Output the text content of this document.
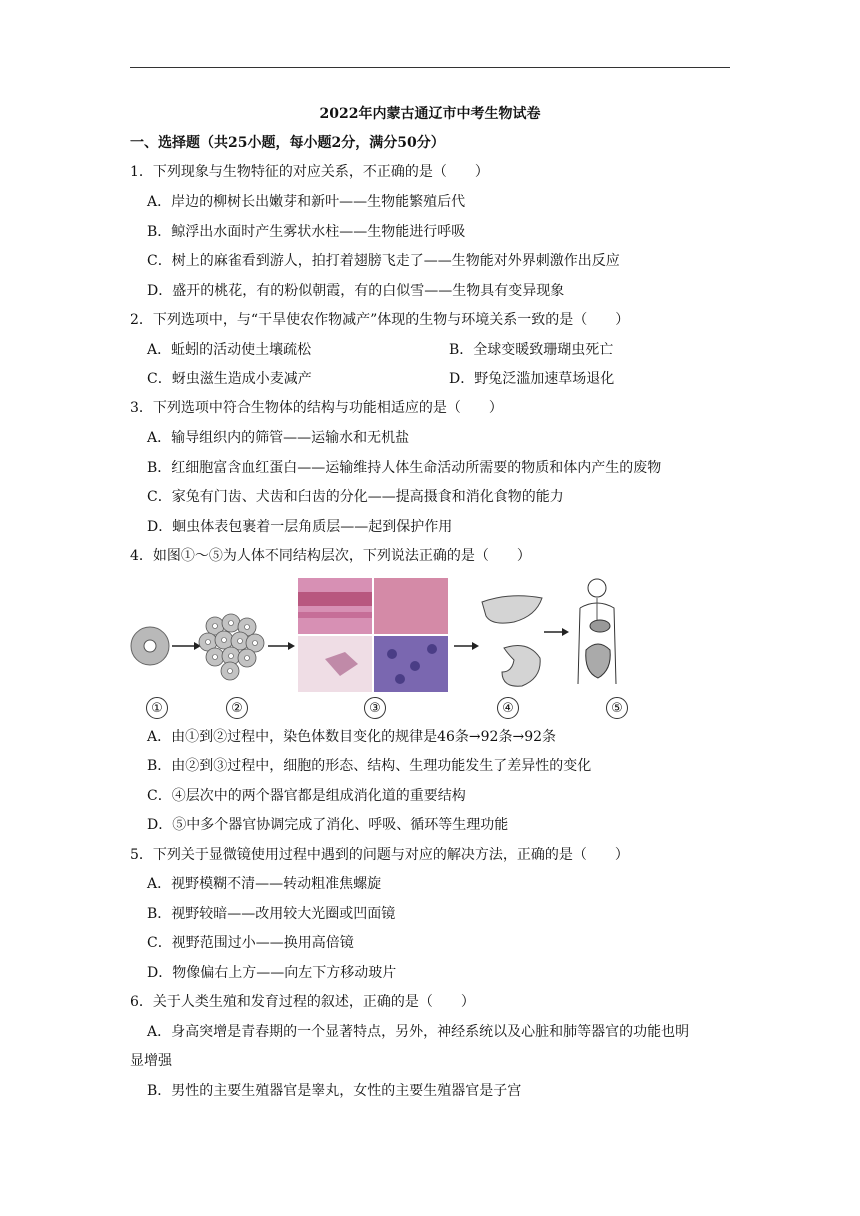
2022年内蒙古通辽市中考生物试卷
一、选择题（共25小题，每小题2分，满分50分）
1．下列现象与生物特征的对应关系，不正确的是（　　）
A．岸边的柳树长出嫩芽和新叶——生物能繁殖后代
B．鲸浮出水面时产生雾状水柱——生物能进行呼吸
C．树上的麻雀看到游人，拍打着翅膀飞走了——生物能对外界刺激作出反应
D．盛开的桃花，有的粉似朝霞，有的白似雪——生物具有变异现象
2．下列选项中，与“干旱使农作物减产”体现的生物与环境关系一致的是（　　）
A．蚯蚓的活动使土壤疏松	B．全球变暖致珊瑚虫死亡
C．蚜虫滋生造成小麦减产	D．野兔泛滥加速草场退化
3．下列选项中符合生物体的结构与功能相适应的是（　　）
A．输导组织内的筛管——运输水和无机盐
B．红细胞富含血红蛋白——运输维持人体生命活动所需要的物质和体内产生的废物
C．家兔有门齿、犬齿和臼齿的分化——提高摄食和消化食物的能力
D．蛔虫体表包裹着一层角质层——起到保护作用
4．如图①～⑤为人体不同结构层次，下列说法正确的是（　　）
①	②	③	④	⑤
A．由①到②过程中，染色体数目变化的规律是46条→92条→92条
B．由②到③过程中，细胞的形态、结构、生理功能发生了差异性的变化
C．④层次中的两个器官都是组成消化道的重要结构
D．⑤中多个器官协调完成了消化、呼吸、循环等生理功能
5．下列关于显微镜使用过程中遇到的问题与对应的解决方法，正确的是（　　）
A．视野模糊不清——转动粗准焦螺旋
B．视野较暗——改用较大光圈或凹面镜
C．视野范围过小——换用高倍镜
D．物像偏右上方——向左下方移动玻片
6．关于人类生殖和发育过程的叙述，正确的是（　　）
A．身高突增是青春期的一个显著特点，另外，神经系统以及心脏和肺等器官的功能也明
显增强
B．男性的主要生殖器官是睾丸，女性的主要生殖器官是子宫
